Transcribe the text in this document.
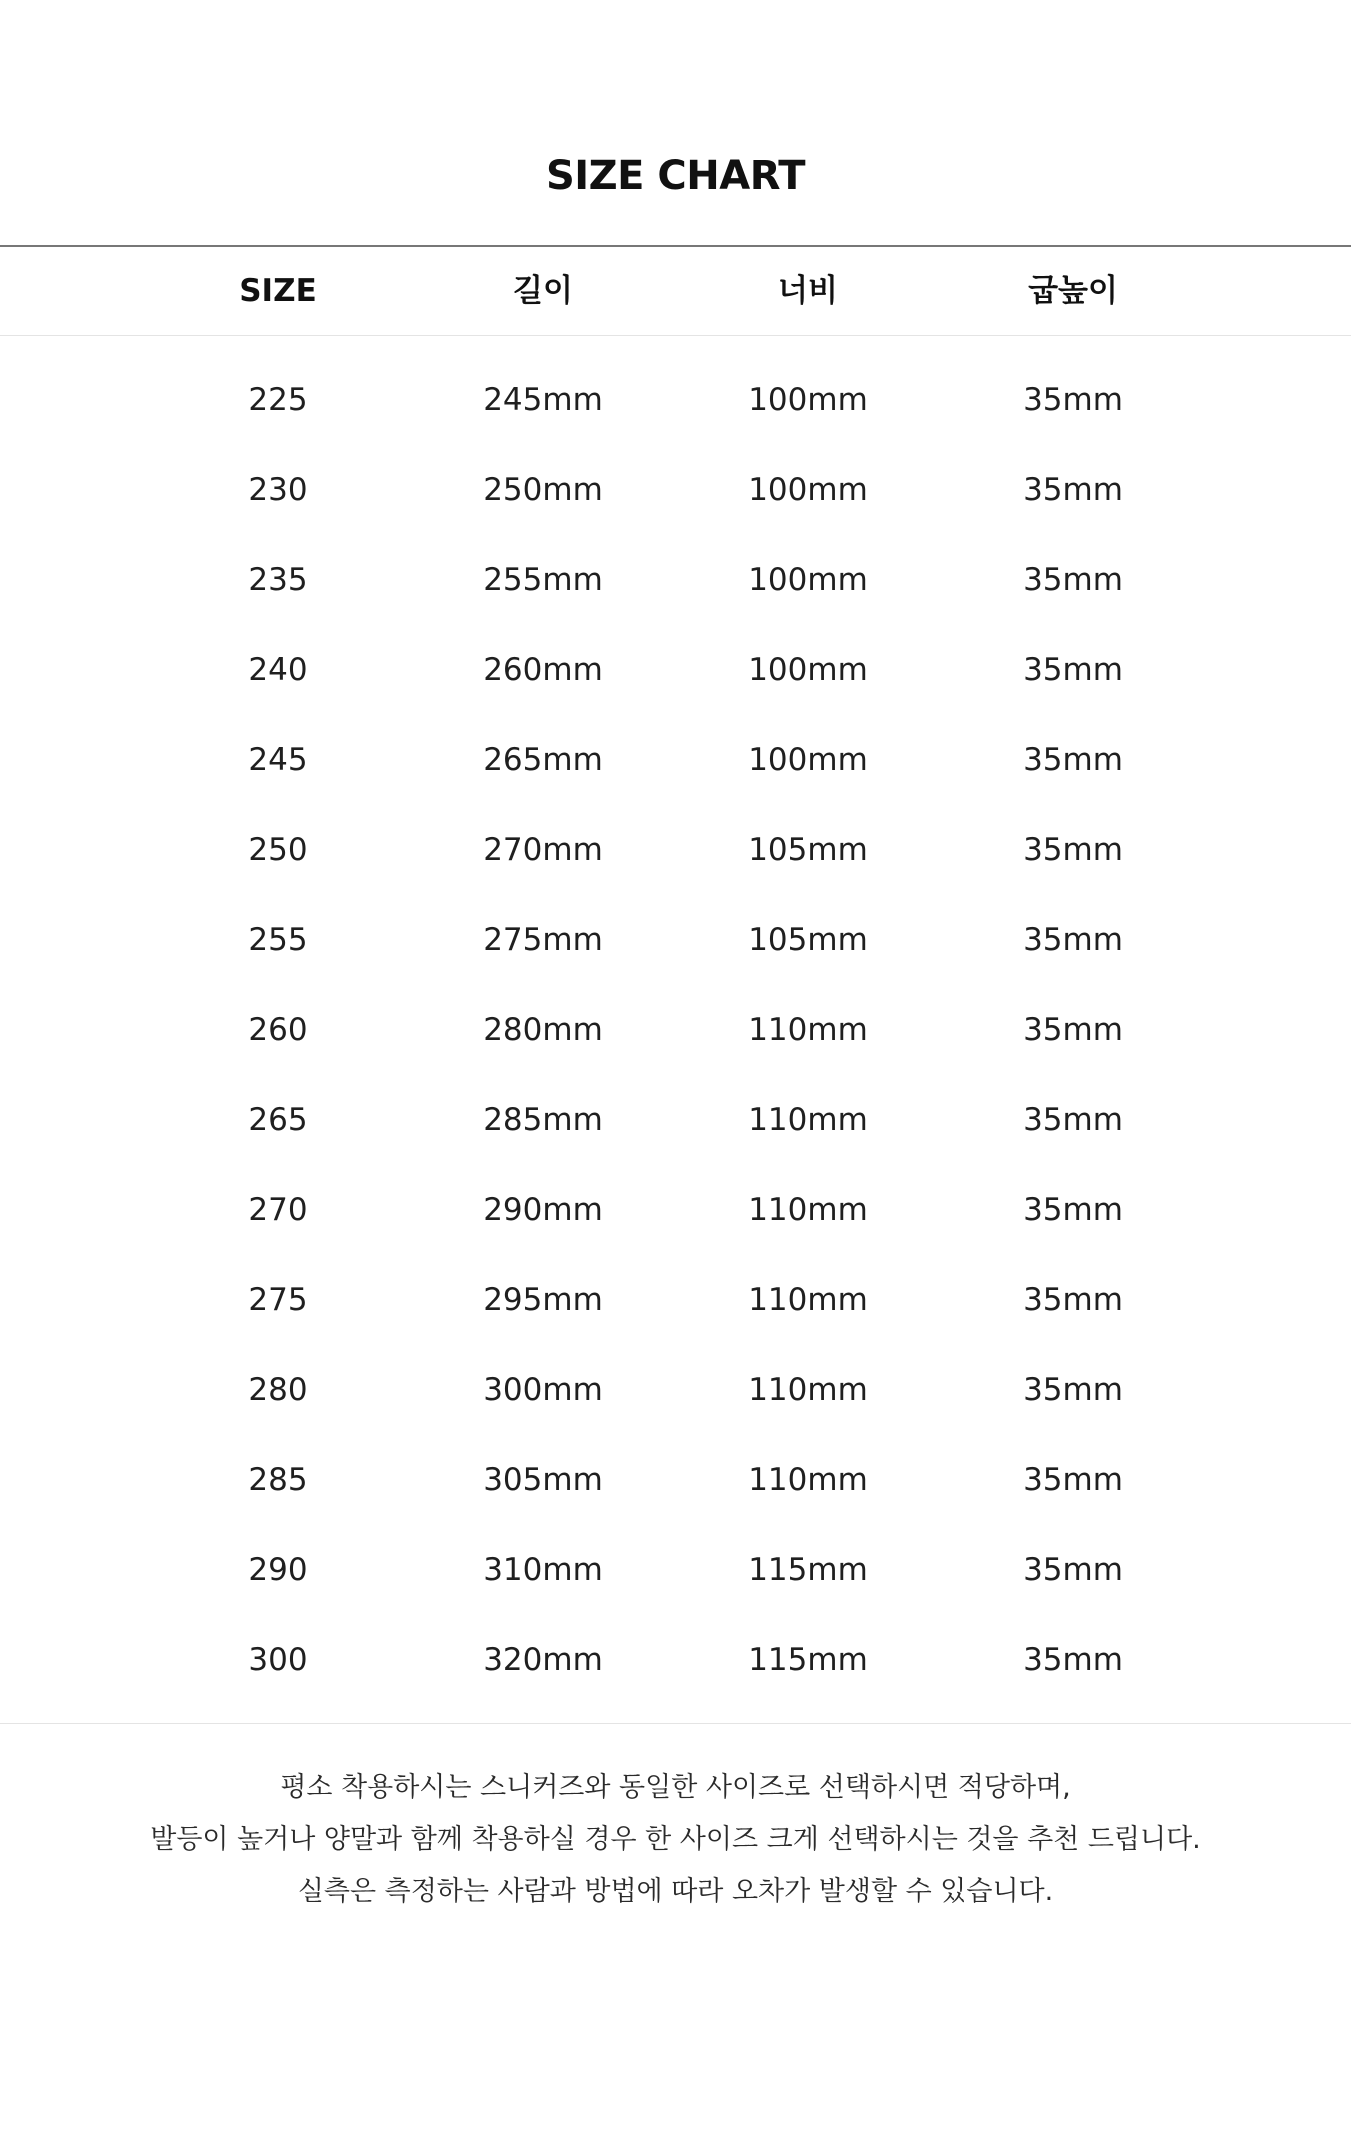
SIZE CHART
SIZE	길이	너비	굽높이
225	245mm	100mm	35mm
230	250mm	100mm	35mm
235	255mm	100mm	35mm
240	260mm	100mm	35mm
245	265mm	100mm	35mm
250	270mm	105mm	35mm
255	275mm	105mm	35mm
260	280mm	110mm	35mm
265	285mm	110mm	35mm
270	290mm	110mm	35mm
275	295mm	110mm	35mm
280	300mm	110mm	35mm
285	305mm	110mm	35mm
290	310mm	115mm	35mm
300	320mm	115mm	35mm
평소 착용하시는 스니커즈와 동일한 사이즈로 선택하시면 적당하며,
발등이 높거나 양말과 함께 착용하실 경우 한 사이즈 크게 선택하시는 것을 추천 드립니다.
실측은 측정하는 사람과 방법에 따라 오차가 발생할 수 있습니다.
